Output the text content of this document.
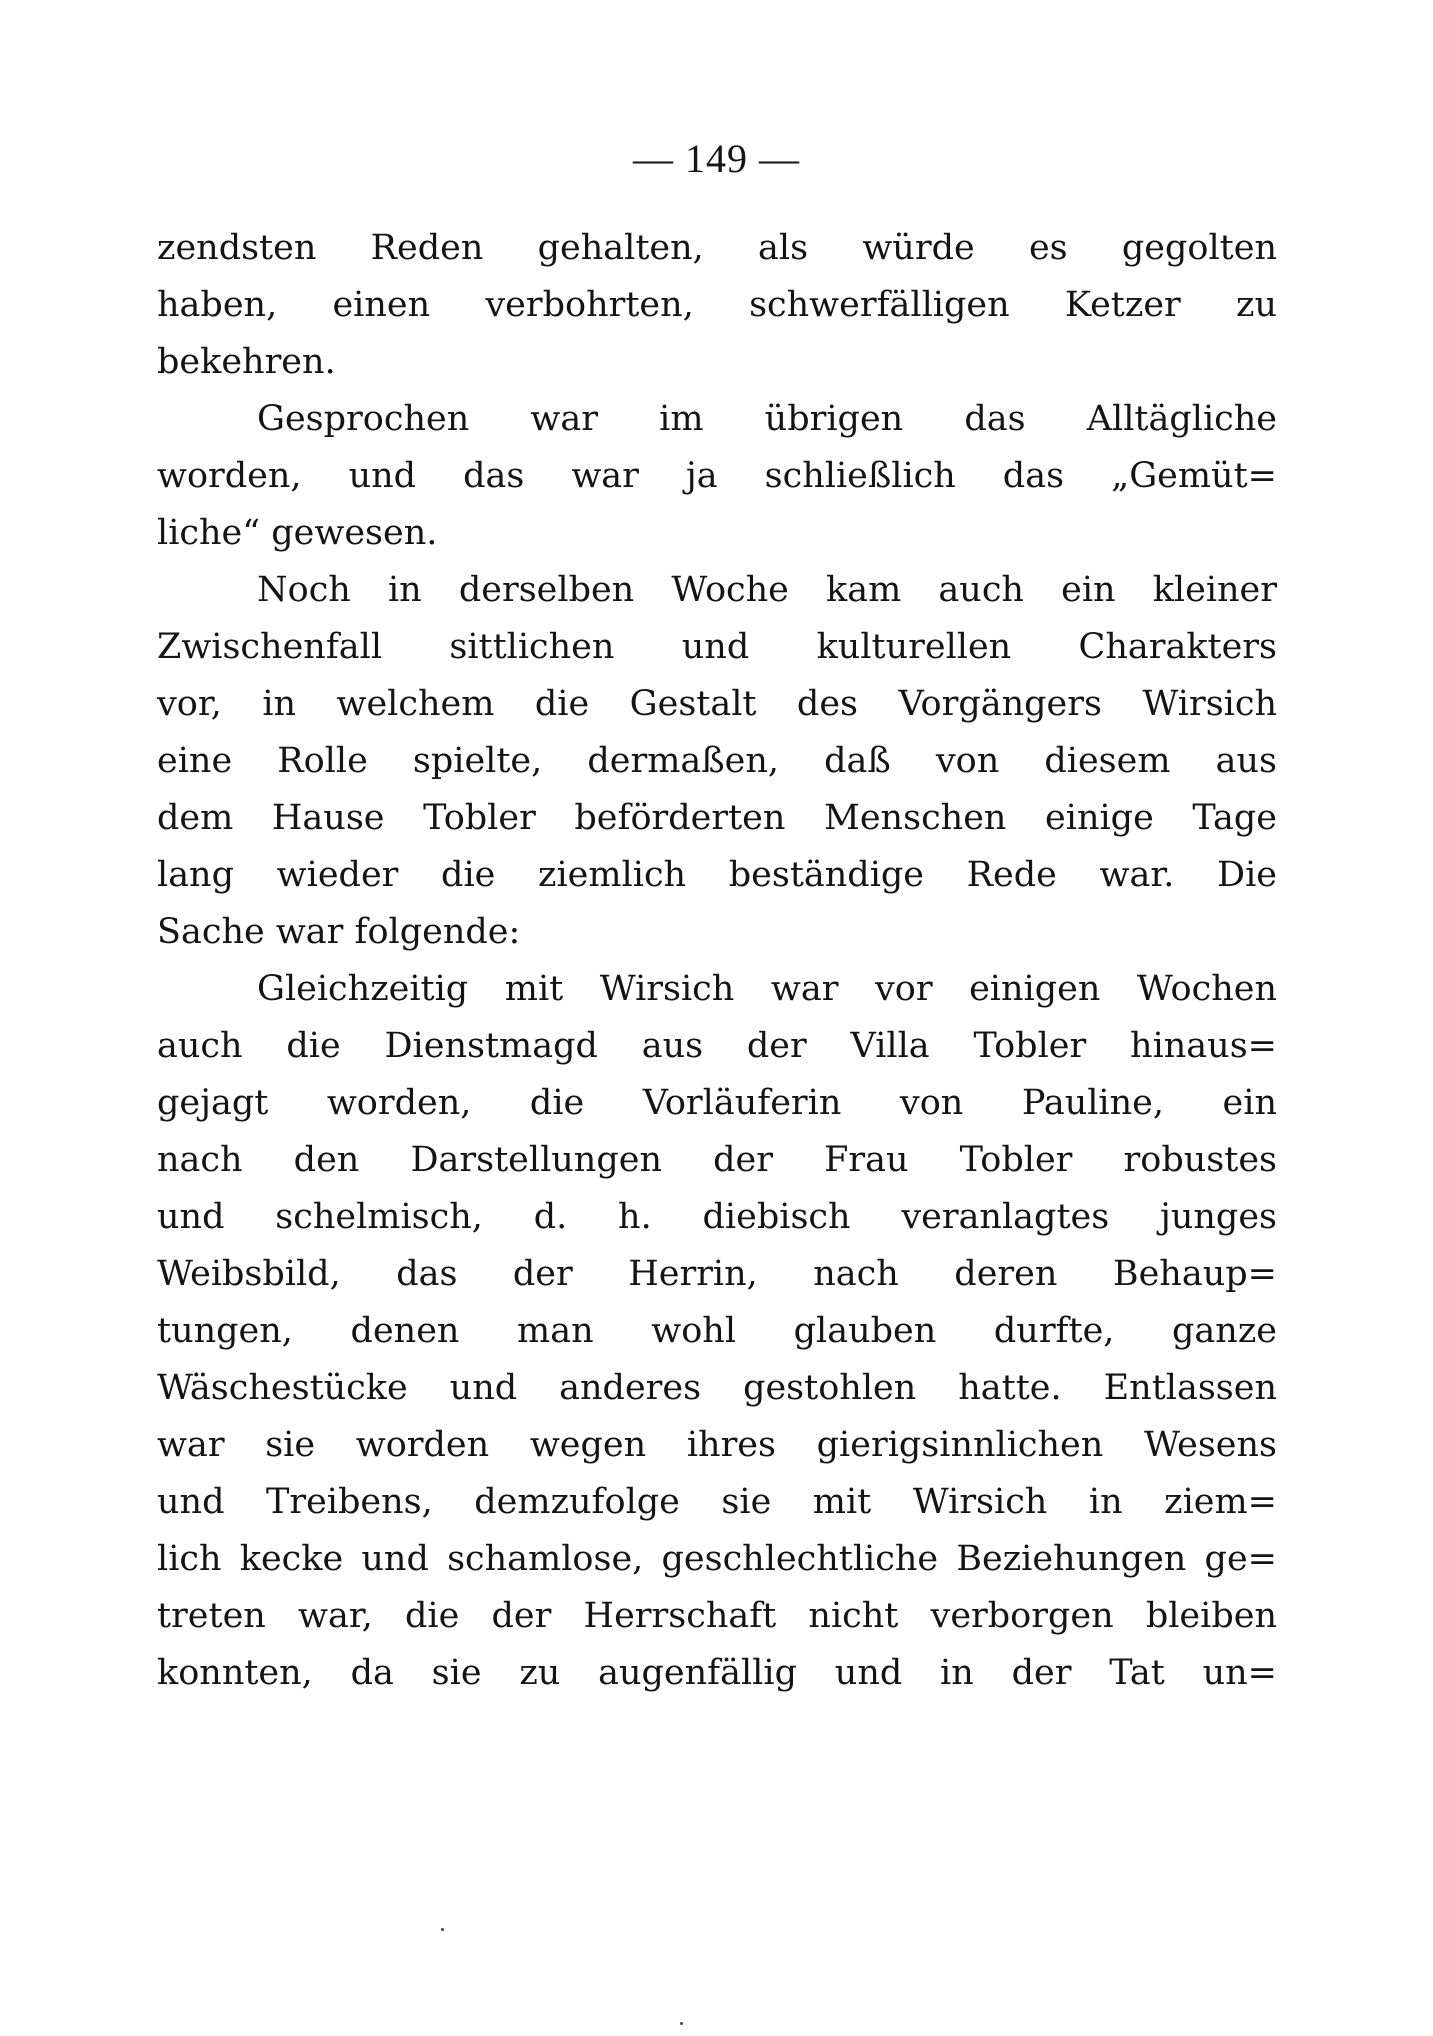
— 149 —
zendsten Reden gehalten, als würde es gegolten
haben, einen verbohrten, schwerfälligen Ketzer zu
bekehren.
Gesprochen war im übrigen das Alltägliche
worden, und das war ja schließlich das „Gemüt=
liche“ gewesen.
Noch in derselben Woche kam auch ein kleiner
Zwischenfall sittlichen und kulturellen Charakters
vor, in welchem die Gestalt des Vorgängers Wirsich
eine Rolle spielte, dermaßen, daß von diesem aus
dem Hause Tobler beförderten Menschen einige Tage
lang wieder die ziemlich beständige Rede war. Die
Sache war folgende:
Gleichzeitig mit Wirsich war vor einigen Wochen
auch die Dienstmagd aus der Villa Tobler hinaus=
gejagt worden, die Vorläuferin von Pauline, ein
nach den Darstellungen der Frau Tobler robustes
und schelmisch, d. h. diebisch veranlagtes junges
Weibsbild, das der Herrin, nach deren Behaup=
tungen, denen man wohl glauben durfte, ganze
Wäschestücke und anderes gestohlen hatte. Entlassen
war sie worden wegen ihres gierigsinnlichen Wesens
und Treibens, demzufolge sie mit Wirsich in ziem=
lich kecke und schamlose, geschlechtliche Beziehungen ge=
treten war, die der Herrschaft nicht verborgen bleiben
konnten, da sie zu augenfällig und in der Tat un=
